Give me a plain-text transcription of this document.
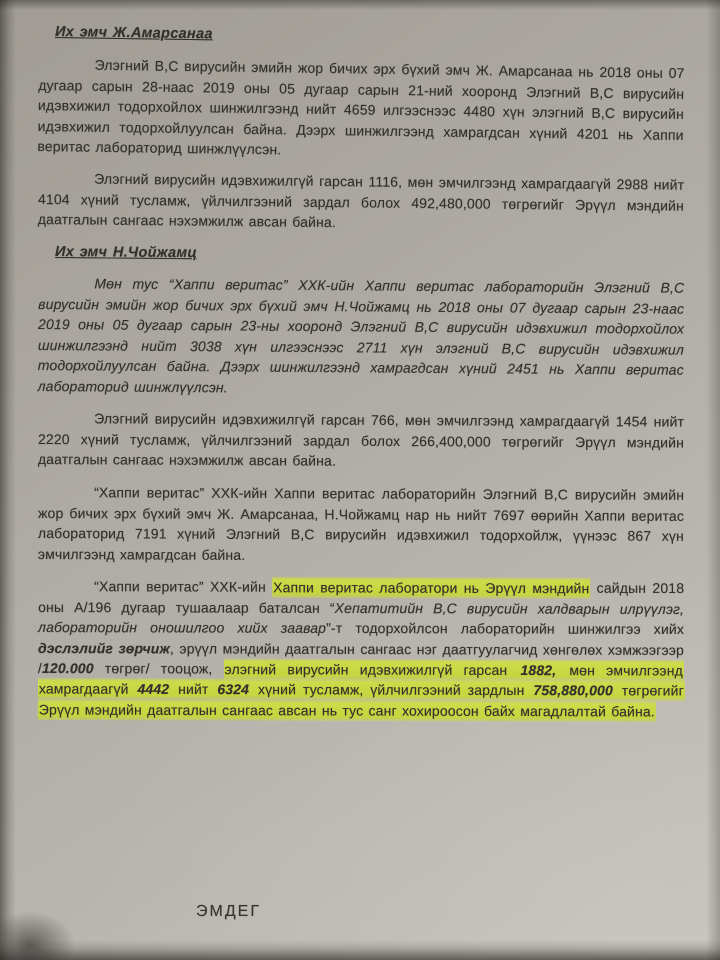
Их эмч Ж.Амарсанаа

Элэгний В,С вирусийн эмийн жор бичих эрх бүхий эмч Ж. Амарсанаа нь 2018 оны 07 дугаар сарын 28-наас 2019 оны 05 дугаар сарын 21-ний хооронд Элэгний В,С вирусийн идэвхижил тодорхойлох шинжилгээнд нийт 4659 илгээснээс 4480 хүн элэгний В,С вирусийн идэвхижил тодорхойлуулсан байна. Дээрх шинжилгээнд хамрагдсан хүний 4201 нь Хаппи веритас лабораторид шинжлүүлсэн.

Элэгний вирусийн идэвхижилгүй гарсан 1116, мөн эмчилгээнд хамрагдаагүй 2988 нийт 4104 хүний тусламж, үйлчилгээний зардал болох 492,480,000 төгрөгийг Эрүүл мэндийн даатгалын сангаас нэхэмжилж авсан байна.

Их эмч Н.Чойжамц

Мөн тус “Хаппи веритас” ХХК-ийн Хаппи веритас лабораторийн Элэгний В,С вирусийн эмийн жор бичих эрх бүхий эмч Н.Чойжамц нь 2018 оны 07 дугаар сарын 23-наас 2019 оны 05 дугаар сарын 23-ны хооронд Элэгний В,С вирусийн идэвхижил тодорхойлох шинжилгээнд нийт 3038 хүн илгээснээс 2711 хүн элэгний В,С вирусийн идэвхижил тодорхойлуулсан байна. Дээрх шинжилгээнд хамрагдсан хүний 2451 нь Хаппи веритас лабораторид шинжлүүлсэн.

Элэгний вирусийн идэвхижилгүй гарсан 766, мөн эмчилгээнд хамрагдаагүй 1454 нийт 2220 хүний тусламж, үйлчилгээний зардал болох 266,400,000 төгрөгийг Эрүүл мэндийн даатгалын сангаас нэхэмжилж авсан байна.

“Хаппи веритас” ХХК-ийн Хаппи веритас лабораторийн Элэгний В,С вирусийн эмийн жор бичих эрх бүхий эмч Ж. Амарсанаа, Н.Чойжамц нар нь нийт 7697 өөрийн Хаппи веритас лабораторид 7191 хүний Элэгний В,С вирусийн идэвхижил тодорхойлж, үүнээс 867 хүн эмчилгээнд хамрагдсан байна.

“Хаппи веритас” ХХК-ийн Хаппи веритас лаборатори нь Эрүүл мэндийн сайдын 2018 оны А/196 дугаар тушаалаар баталсан “Хепатитийн В,С вирусийн халдварын илрүүлэг, лабораторийн оношилгоо хийх заавар”-т тодорхойлсон лабораторийн шинжилгээ хийх дэслэлийг зөрчиж, эрүүл мэндийн даатгалын сангаас нэг даатгуулагчид хөнгөлөх хэмжээгээр /120.000 төгрөг/ тооцож, элэгний вирусийн идэвхижилгүй гарсан 1882, мөн эмчилгээнд хамрагдаагүй 4442 нийт 6324 хүний тусламж, үйлчилгээний зардлын 758,880,000 төгрөгийг Эрүүл мэндийн даатгалын сангаас авсан нь тус санг хохироосон байх магадлалтай байна.

ЭМДЕГ
